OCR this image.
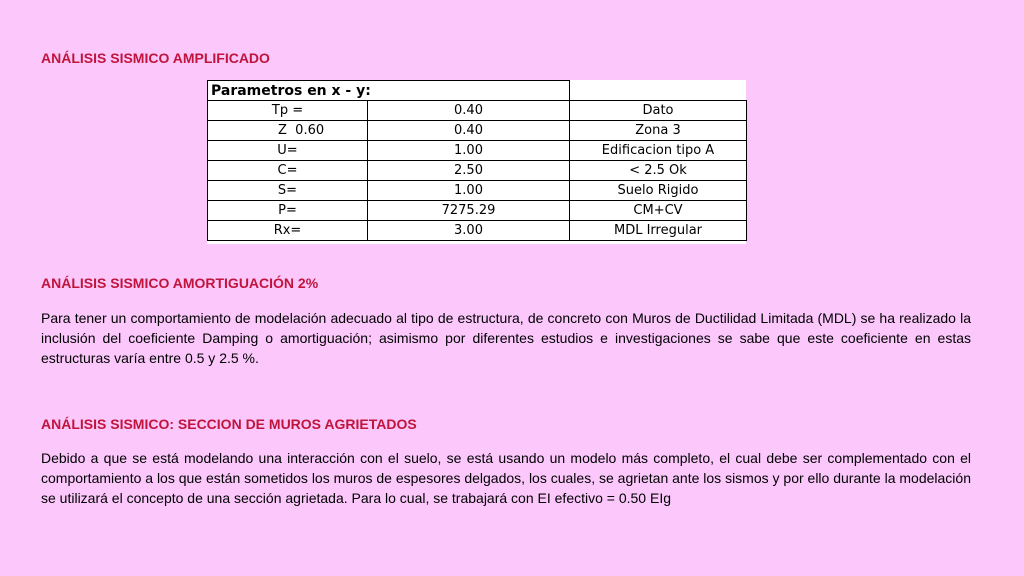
ANÁLISIS SISMICO AMPLIFICADO
Parametros en x - y:		
Tp =	0.40	Dato
Z  0.60	0.40	Zona 3
U=	1.00	Edificacion tipo A
C=	2.50	< 2.5 Ok
S=	1.00	Suelo Rigido
P=	7275.29	CM+CV
Rx=	3.00	MDL Irregular
ANÁLISIS SISMICO AMORTIGUACIÓN 2%

Para tener un comportamiento de modelación adecuado al tipo de estructura, de concreto con Muros de Ductilidad Limitada (MDL) se ha realizado la inclusión del coeficiente Damping o amortiguación; asimismo por diferentes estudios e investigaciones se sabe que este coeficiente en estas estructuras varía entre 0.5 y 2.5 %.

ANÁLISIS SISMICO: SECCION DE MUROS AGRIETADOS

Debido a que se está modelando una interacción con el suelo, se está usando un modelo más completo, el cual debe ser complementado con el comportamiento a los que están sometidos los muros de espesores delgados, los cuales, se agrietan ante los sismos y por ello durante la modelación se utilizará el concepto de una sección agrietada. Para lo cual, se trabajará con EI efectivo = 0.50 EIg
